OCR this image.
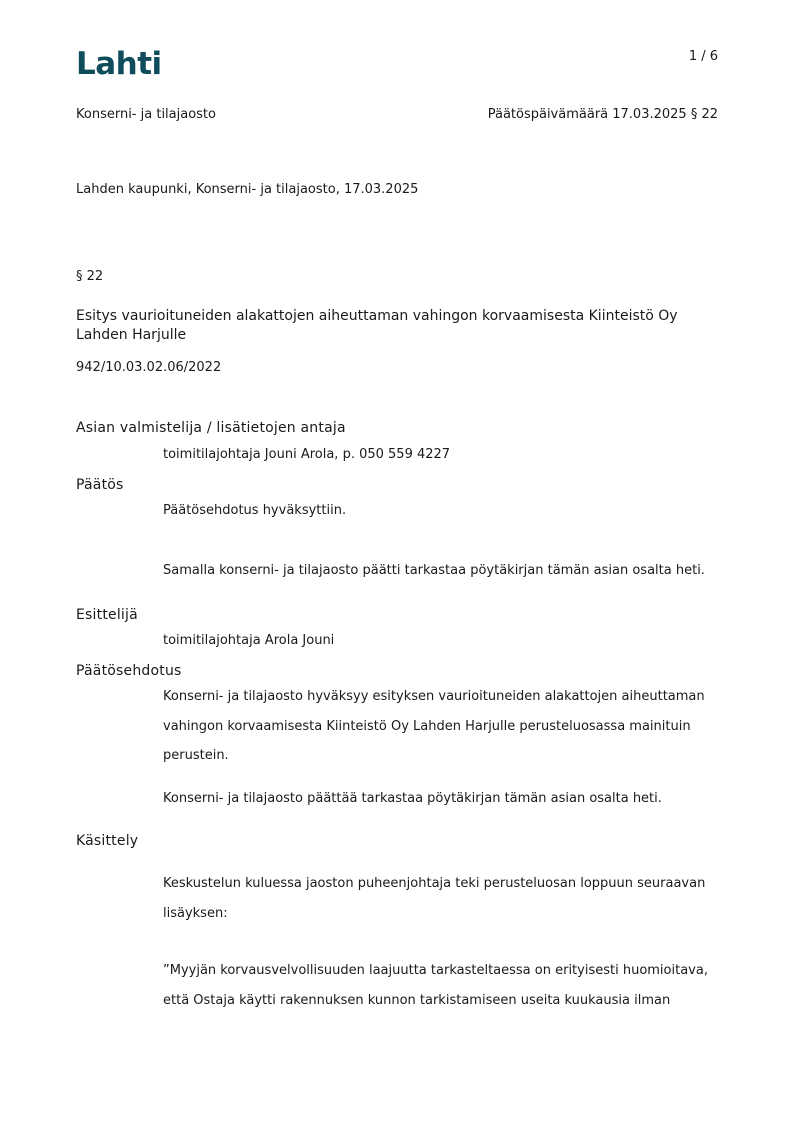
Lahti	1 / 6
Konserni- ja tilajaosto	Päätöspäivämäärä 17.03.2025 § 22
Lahden kaupunki, Konserni- ja tilajaosto, 17.03.2025
§ 22
Esitys vaurioituneiden alakattojen aiheuttaman vahingon korvaamisesta Kiinteistö Oy Lahden Harjulle
942/10.03.02.06/2022
Asian valmistelija / lisätietojen antaja
toimitilajohtaja Jouni Arola, p. 050 559 4227
Päätös
Päätösehdotus hyväksyttiin.
Samalla konserni- ja tilajaosto päätti tarkastaa pöytäkirjan tämän asian osalta heti.
Esittelijä
toimitilajohtaja Arola Jouni
Päätösehdotus
Konserni- ja tilajaosto hyväksyy esityksen vaurioituneiden alakattojen aiheuttaman vahingon korvaamisesta Kiinteistö Oy Lahden Harjulle perusteluosassa mainituin perustein.
Konserni- ja tilajaosto päättää tarkastaa pöytäkirjan tämän asian osalta heti.
Käsittely
Keskustelun kuluessa jaoston puheenjohtaja teki perusteluosan loppuun seuraavan lisäyksen:
”Myyjän korvausvelvollisuuden laajuutta tarkasteltaessa on erityisesti huomioitava, että Ostaja käytti rakennuksen kunnon tarkistamiseen useita kuukausia ilman
